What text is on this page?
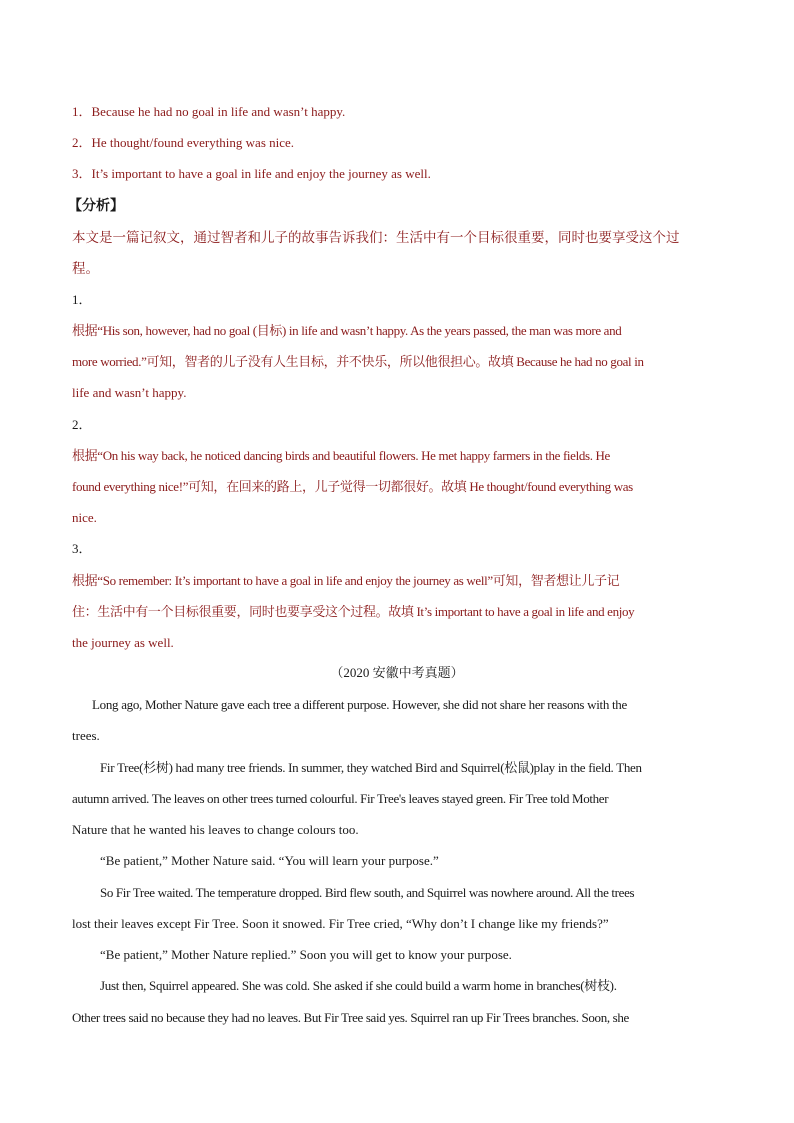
1．Because he had no goal in life and wasn’t happy.
2．He thought/found everything was nice.
3．It’s important to have a goal in life and enjoy the journey as well.
【分析】
本文是一篇记叙文，通过智者和儿子的故事告诉我们：生活中有一个目标很重要，同时也要享受这个过
程。
1．
根据“His son, however, had no goal (目标) in life and wasn’t happy. As the years passed, the man was more and
more worried.”可知，智者的儿子没有人生目标，并不快乐，所以他很担心。故填 Because he had no goal in
life and wasn’t happy.
2．
根据“On his way back, he noticed dancing birds and beautiful flowers. He met happy farmers in the fields. He
found everything nice!”可知，在回来的路上，儿子觉得一切都很好。故填 He thought/found everything was
nice.
3．
根据“So remember: It’s important to have a goal in life and enjoy the journey as well”可知，智者想让儿子记
住：生活中有一个目标很重要，同时也要享受这个过程。故填 It’s important to have a goal in life and enjoy
the journey as well.
（2020 安徽中考真题）
Long ago, Mother Nature gave each tree a different purpose. However, she did not share her reasons with the
trees.
Fir Tree(杉树) had many tree friends. In summer, they watched Bird and Squirrel(松鼠)play in the field. Then
autumn arrived. The leaves on other trees turned colourful. Fir Tree's leaves stayed green. Fir Tree told Mother
Nature that he wanted his leaves to change colours too.
“Be patient,” Mother Nature said. “You will learn your purpose.”
So Fir Tree waited. The temperature dropped. Bird flew south, and Squirrel was nowhere around. All the trees
lost their leaves except Fir Tree. Soon it snowed. Fir Tree cried, “Why don’t I change like my friends?”
“Be patient,” Mother Nature replied.” Soon you will get to know your purpose.
Just then, Squirrel appeared. She was cold. She asked if she could build a warm home in branches(树枝).
Other trees said no because they had no leaves. But Fir Tree said yes. Squirrel ran up Fir Trees branches. Soon, she
